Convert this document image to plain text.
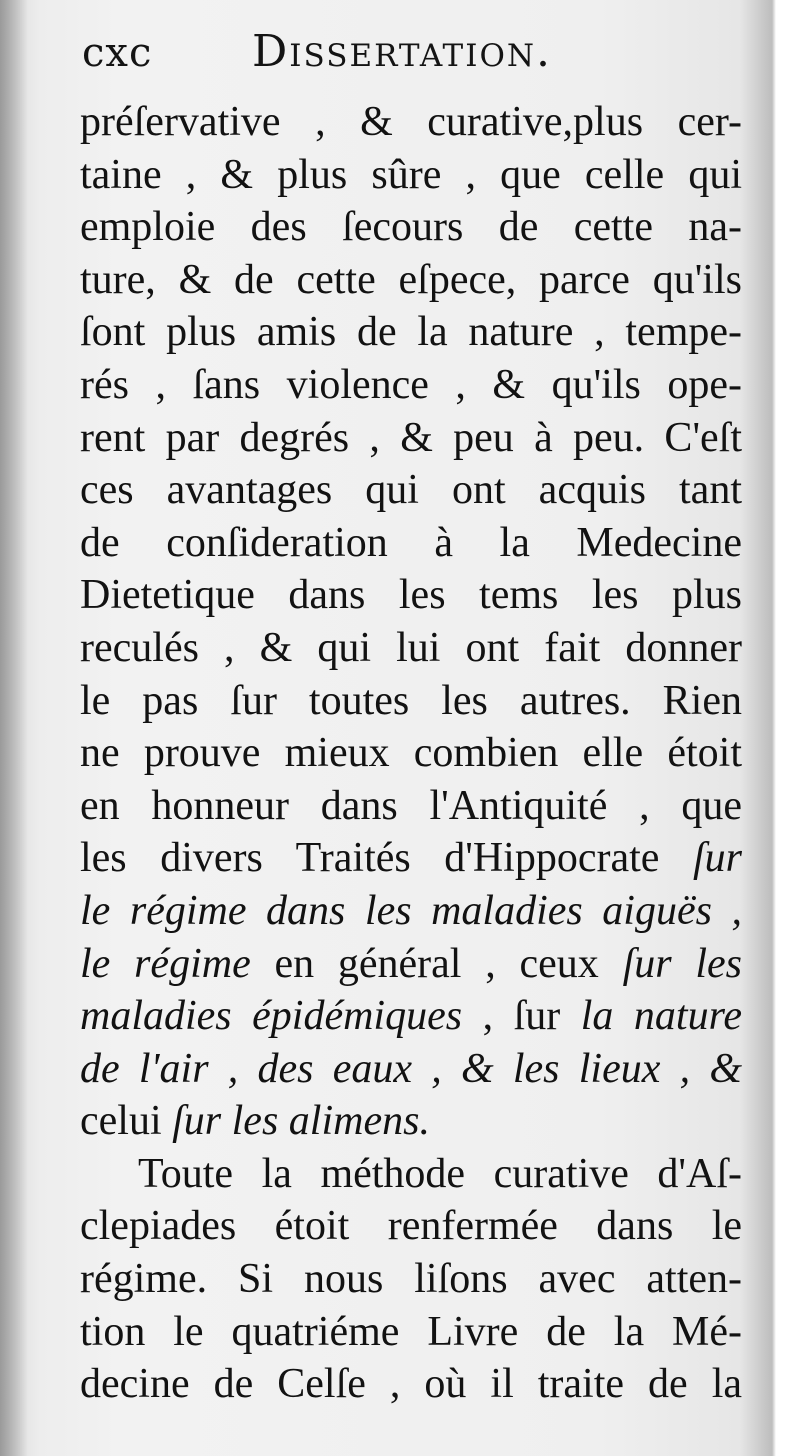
cxc Dissertation.
préſervative , & curative,plus cer-
taine , & plus sûre , que celle qui
emploie des ſecours de cette na-
ture, & de cette eſpece, parce qu'ils
ſont plus amis de la nature , tempe-
rés , ſans violence , & qu'ils ope-
rent par degrés , & peu à peu. C'eſt
ces avantages qui ont acquis tant
de conſideration à la Medecine
Dietetique dans les tems les plus
reculés , & qui lui ont fait donner
le pas ſur toutes les autres. Rien
ne prouve mieux combien elle étoit
en honneur dans l'Antiquité , que
les divers Traités d'Hippocrate ſur
le régime dans les maladies aiguës ,
le régime en général , ceux ſur les
maladies épidémiques , ſur la nature
de l'air , des eaux , & les lieux , &
celui ſur les alimens.
Toute la méthode curative d'Aſ-
clepiades étoit renfermée dans le
régime. Si nous liſons avec atten-
tion le quatriéme Livre de la Mé-
decine de Celſe , où il traite de la
